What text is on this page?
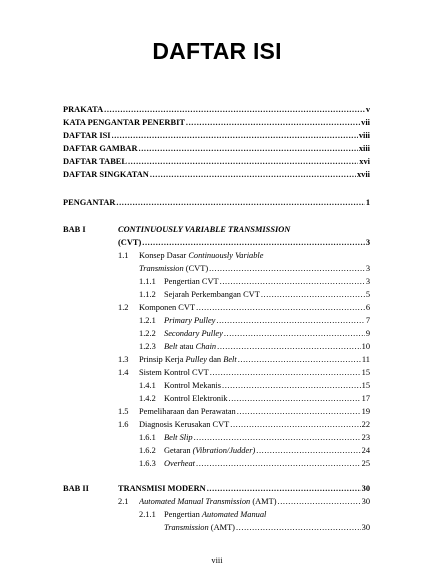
DAFTAR ISI
PRAKATA .....	v
KATA PENGANTAR PENERBIT .....	vii
DAFTAR ISI .....	viii
DAFTAR GAMBAR .....	xiii
DAFTAR TABEL .....	xvi
DAFTAR SINGKATAN .....	xvii
PENGANTAR .....	1
BAB I	CONTINUOUSLY VARIABLE TRANSMISSION
(CVT) .....	3
1.1 Konsep Dasar Continuously Variable
Transmission (CVT) .....	3
1.1.1 Pengertian CVT .....	3
1.1.2 Sejarah Perkembangan CVT .....	5
1.2 Komponen CVT .....	6
1.2.1 Primary Pulley .....	7
1.2.2 Secondary Pulley .....	9
1.2.3 Belt atau Chain .....	10
1.3 Prinsip Kerja Pulley dan Belt .....	11
1.4 Sistem Kontrol CVT .....	15
1.4.1 Kontrol Mekanis .....	15
1.4.2 Kontrol Elektronik .....	17
1.5 Pemeliharaan dan Perawatan .....	19
1.6 Diagnosis Kerusakan CVT .....	22
1.6.1 Belt Slip .....	23
1.6.2 Getaran (Vibration/Judder) .....	24
1.6.3 Overheat .....	25
BAB II	TRANSMISI MODERN .....	30
2.1 Automated Manual Transmission (AMT) .....	30
2.1.1 Pengertian Automated Manual
Transmission (AMT) .....	30
viii
